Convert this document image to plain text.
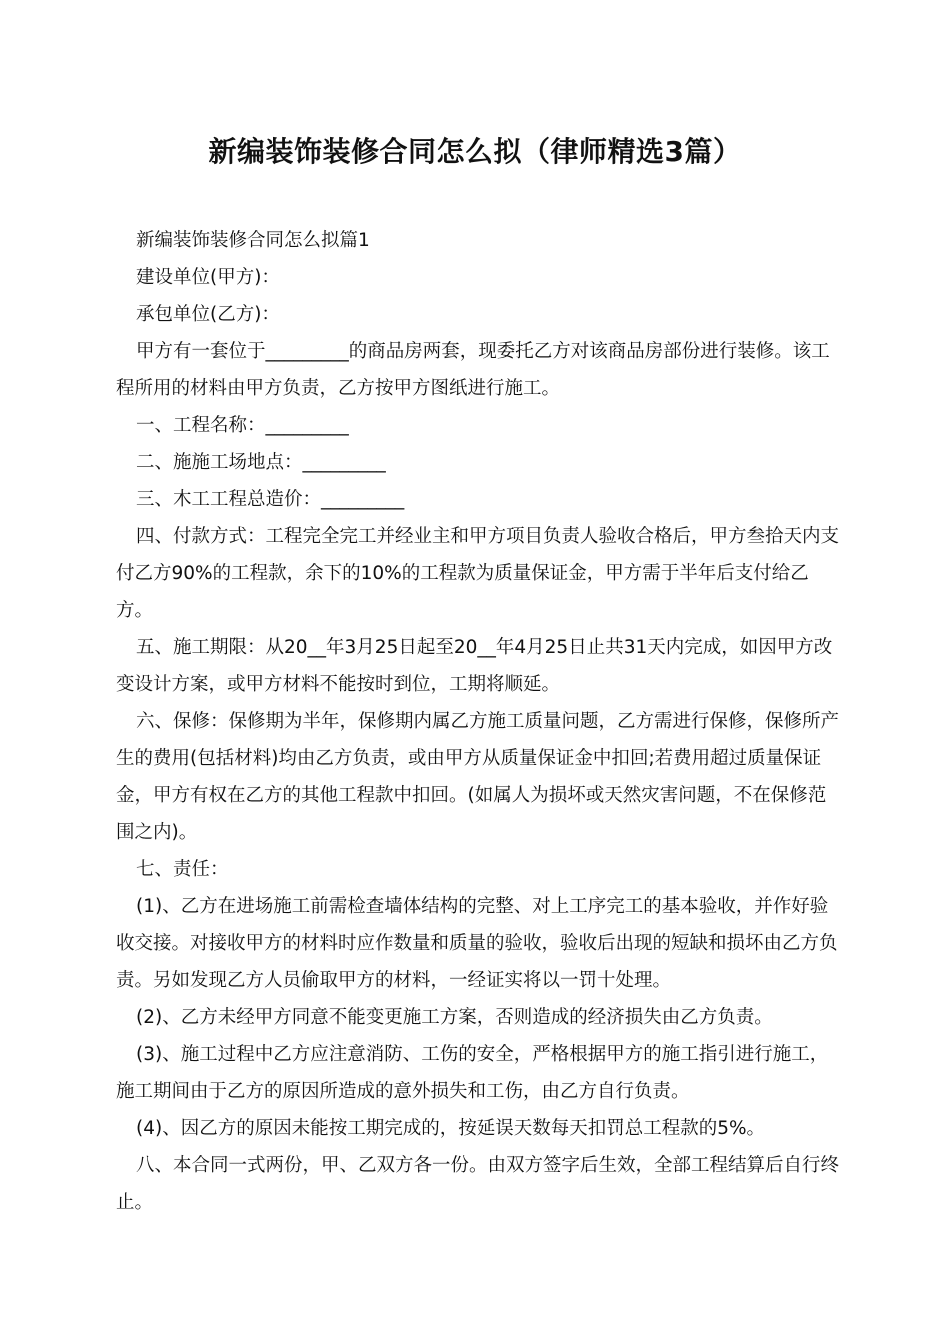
新编装饰装修合同怎么拟（律师精选3篇）

新编装饰装修合同怎么拟篇1

建设单位(甲方)：

承包单位(乙方)：

甲方有一套位于_________的商品房两套，现委托乙方对该商品房部份进行装修。该工程所用的材料由甲方负责，乙方按甲方图纸进行施工。

一、工程名称：_________

二、施施工场地点：_________

三、木工工程总造价：_________

四、付款方式：工程完全完工并经业主和甲方项目负责人验收合格后，甲方叁拾天内支付乙方90%的工程款，余下的10%的工程款为质量保证金，甲方需于半年后支付给乙方。

五、施工期限：从20__年3月25日起至20__年4月25日止共31天内完成，如因甲方改变设计方案，或甲方材料不能按时到位，工期将顺延。

六、保修：保修期为半年，保修期内属乙方施工质量问题，乙方需进行保修，保修所产生的费用(包括材料)均由乙方负责，或由甲方从质量保证金中扣回;若费用超过质量保证金，甲方有权在乙方的其他工程款中扣回。(如属人为损坏或天然灾害问题，不在保修范围之内)。

七、责任：

(1)、乙方在进场施工前需检查墙体结构的完整、对上工序完工的基本验收，并作好验收交接。对接收甲方的材料时应作数量和质量的验收，验收后出现的短缺和损坏由乙方负责。另如发现乙方人员偷取甲方的材料，一经证实将以一罚十处理。

(2)、乙方未经甲方同意不能变更施工方案，否则造成的经济损失由乙方负责。

(3)、施工过程中乙方应注意消防、工伤的安全，严格根据甲方的施工指引进行施工，施工期间由于乙方的原因所造成的意外损失和工伤，由乙方自行负责。

(4)、因乙方的原因未能按工期完成的，按延误天数每天扣罚总工程款的5%。

八、本合同一式两份，甲、乙双方各一份。由双方签字后生效，全部工程结算后自行终止。
